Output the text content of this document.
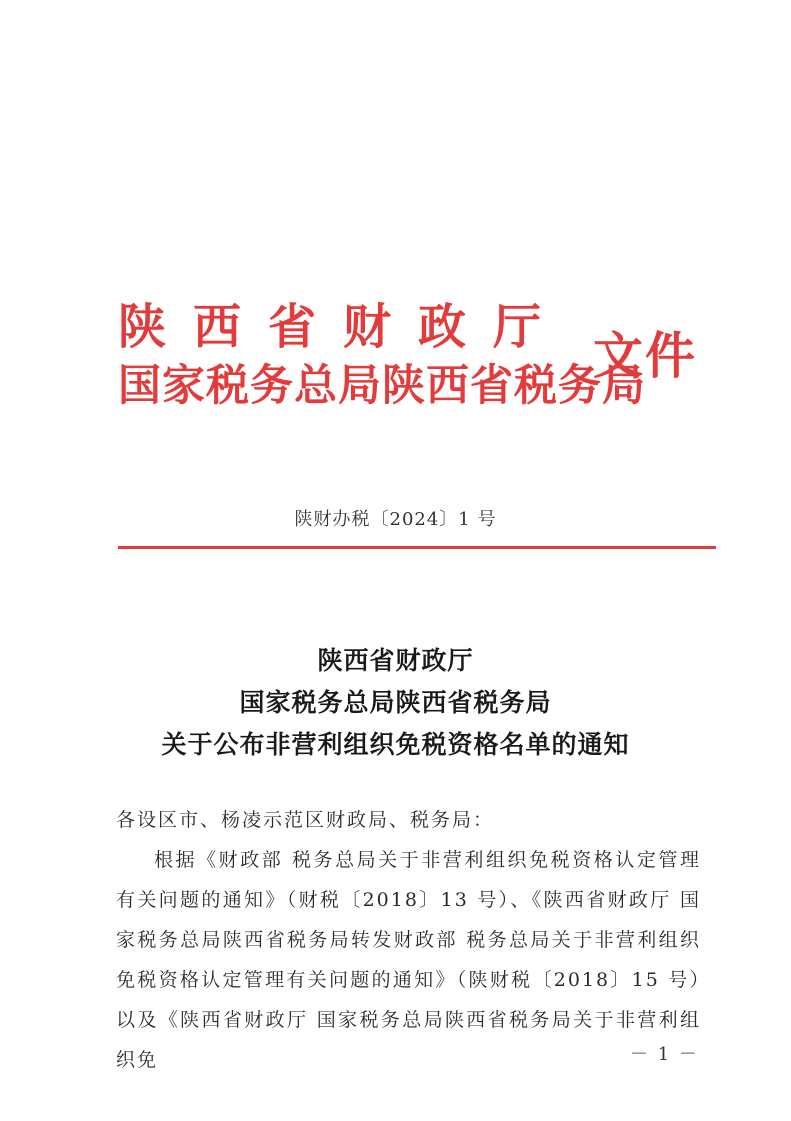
陕西省财政厅
国家税务总局陕西省税务局
文件
陕财办税〔2024〕1 号
陕西省财政厅
国家税务总局陕西省税务局
关于公布非营利组织免税资格名单的通知

各设区市、杨凌示范区财政局、税务局：

根据《财政部 税务总局关于非营利组织免税资格认定管理有关问题的通知》（财税〔2018〕13 号）、《陕西省财政厅 国家税务总局陕西省税务局转发财政部 税务总局关于非营利组织免税资格认定管理有关问题的通知》（陕财税〔2018〕15 号）以及《陕西省财政厅 国家税务总局陕西省税务局关于非营利组织免	－ 1 －
